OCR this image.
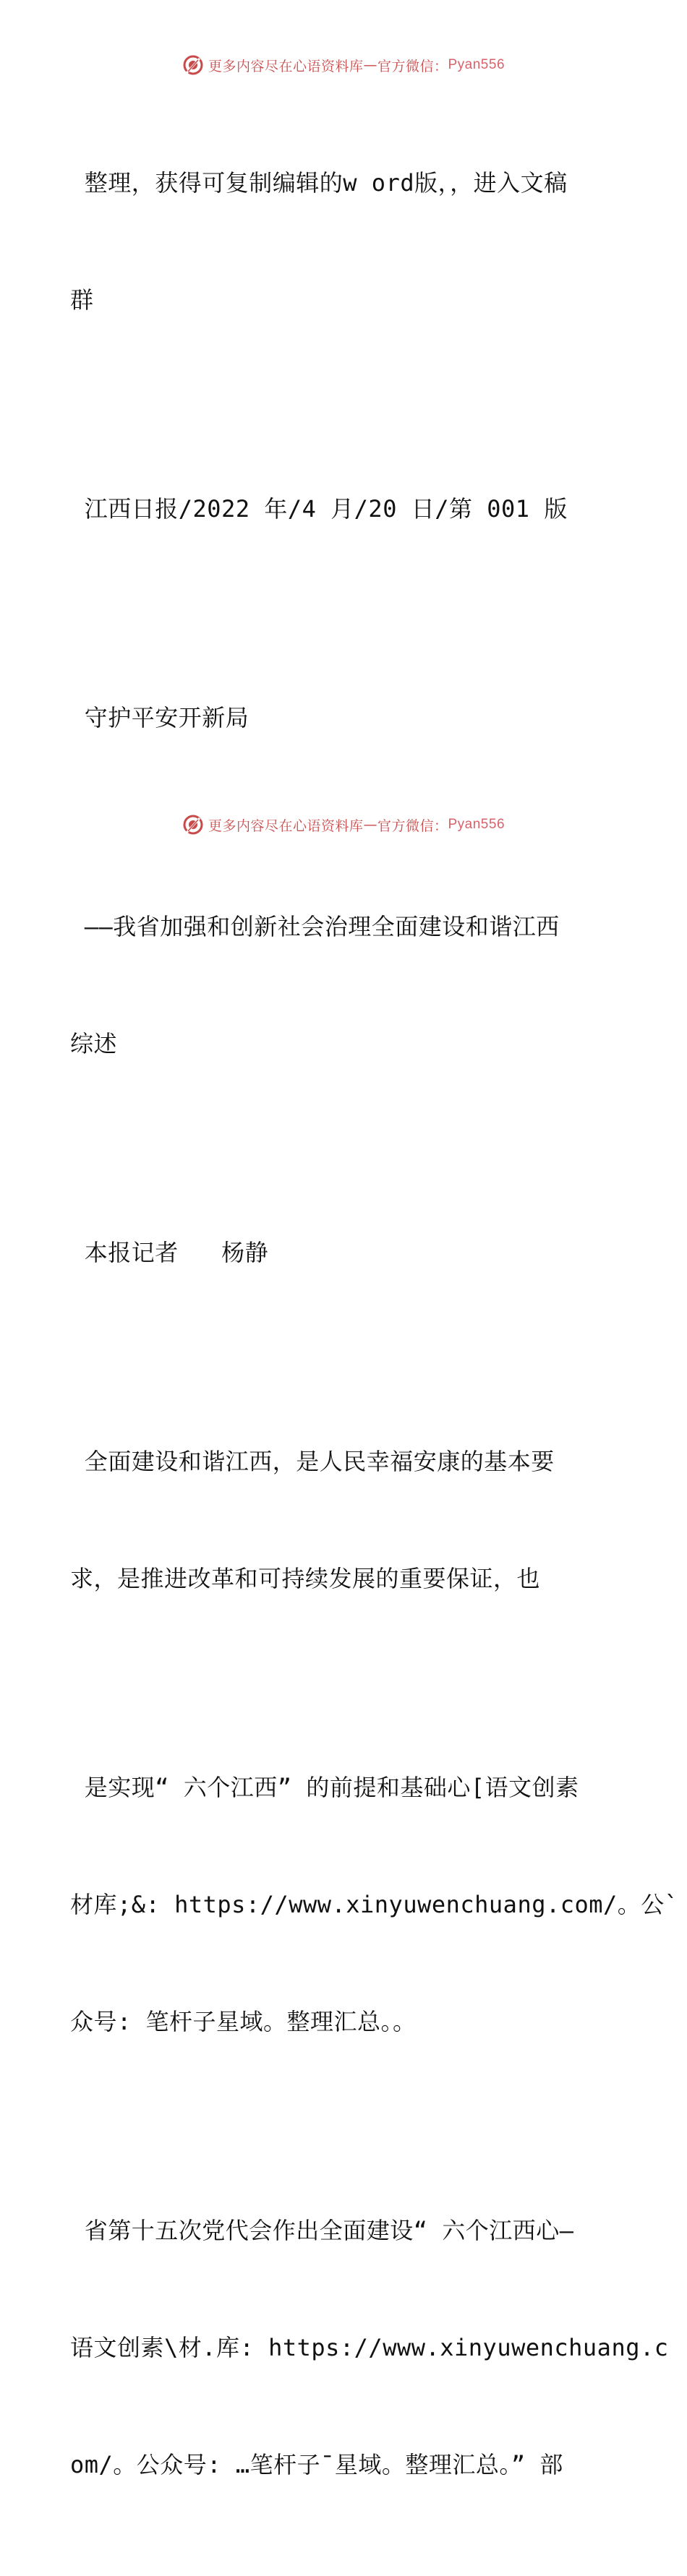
更多内容尽在心语资料库 — 官方微信： Pyan556

整理，获得可复制编辑的w ord版，，进入文稿

群

江西日报/2022 年/4 月/20 日/第 001 版

守护平安开新局

——我省加强和创新社会治理全面建设和谐江西

综述

本报记者   杨静

全面建设和谐江西，是人民幸福安康的基本要

求，是推进改革和可持续发展的重要保证，也

是实现“ 六个江西” 的前提和基础心[语文创素

材库;&: https://www.xinyuwenchuang.com/。公`

众号: 笔杆子星域。整理汇总。。

省第十五次党代会作出全面建设“ 六个江西心—

语文创素\材.库: https://www.xinyuwenchuang.c

om/。公众号: …笔杆子¯星域。整理汇总。” 部

更多内容尽在心语资料库 — 官方微信： Pyan556
